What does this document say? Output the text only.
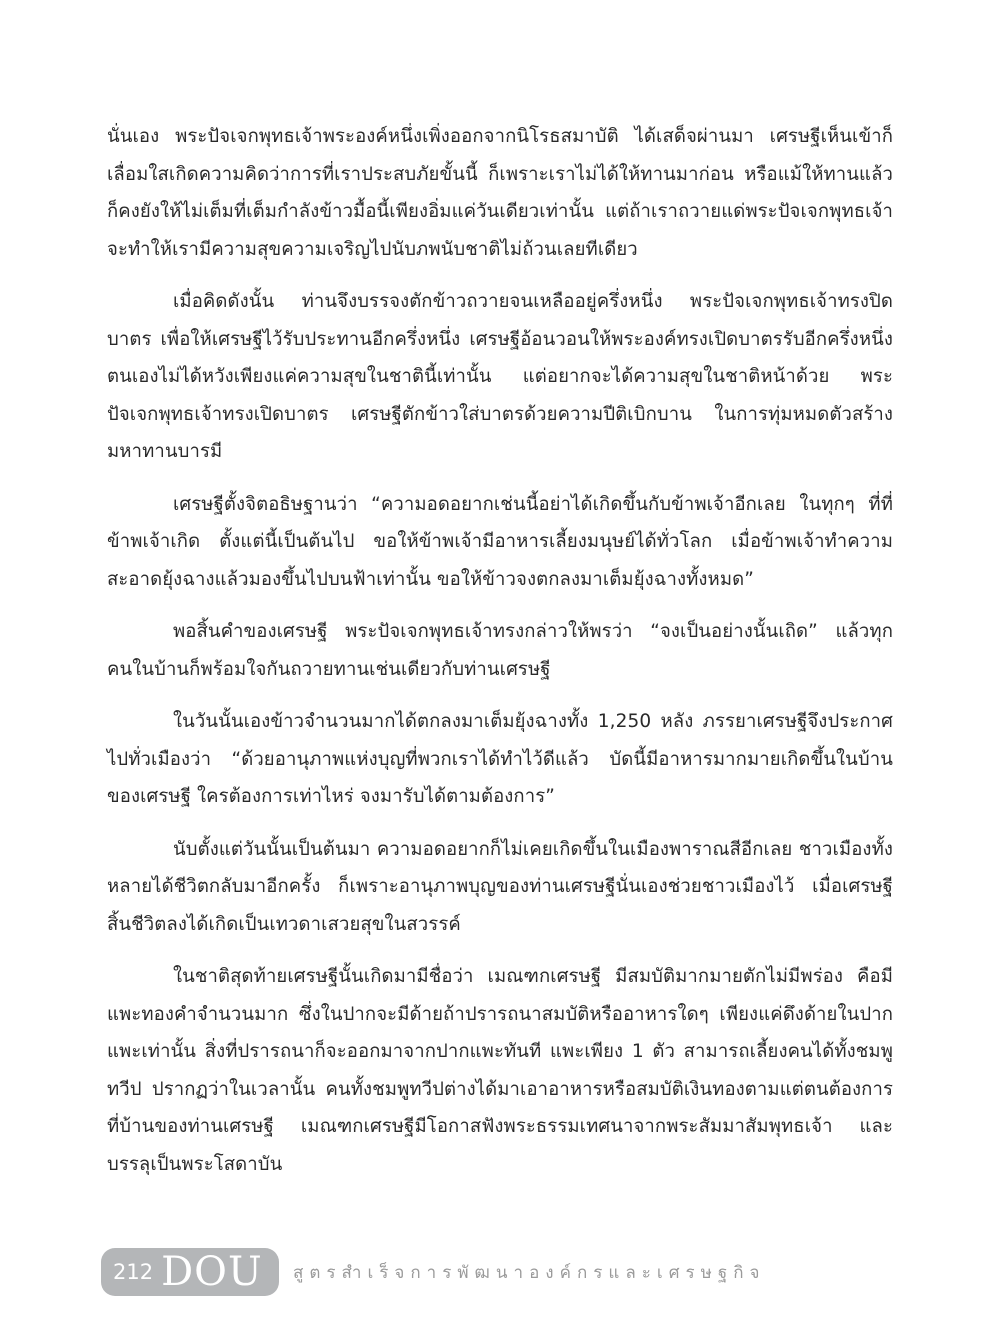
นั่นเอง พระปัจเจกพุทธเจ้าพระองค์หนึ่งเพิ่งออกจากนิโรธสมาบัติ ได้เสด็จผ่านมา เศรษฐีเห็นเข้าก็เลื่อมใสเกิดความคิดว่าการที่เราประสบภัยขั้นนี้ ก็เพราะเราไม่ได้ให้ทานมาก่อน หรือแม้ให้ทานแล้วก็คงยังให้ไม่เต็มที่เต็มกำลังข้าวมื้อนี้เพียงอิ่มแค่วันเดียวเท่านั้น แต่ถ้าเราถวายแด่พระปัจเจกพุทธเจ้า จะทำให้เรามีความสุขความเจริญไปนับภพนับชาติไม่ถ้วนเลยทีเดียว

เมื่อคิดดังนั้น ท่านจึงบรรจงตักข้าวถวายจนเหลืออยู่ครึ่งหนึ่ง พระปัจเจกพุทธเจ้าทรงปิดบาตร เพื่อให้เศรษฐีไว้รับประทานอีกครึ่งหนึ่ง เศรษฐีอ้อนวอนให้พระองค์ทรงเปิดบาตรรับอีกครึ่งหนึ่ง ตนเองไม่ได้หวังเพียงแค่ความสุขในชาตินี้เท่านั้น แต่อยากจะได้ความสุขในชาติหน้าด้วย พระปัจเจกพุทธเจ้าทรงเปิดบาตร เศรษฐีตักข้าวใส่บาตรด้วยความปีติเบิกบาน ในการทุ่มหมดตัวสร้างมหาทานบารมี

เศรษฐีตั้งจิตอธิษฐานว่า “ความอดอยากเช่นนี้อย่าได้เกิดขึ้นกับข้าพเจ้าอีกเลย ในทุกๆ ที่ที่ข้าพเจ้าเกิด ตั้งแต่นี้เป็นต้นไป ขอให้ข้าพเจ้ามีอาหารเลี้ยงมนุษย์ได้ทั่วโลก เมื่อข้าพเจ้าทำความสะอาดยุ้งฉางแล้วมองขึ้นไปบนฟ้าเท่านั้น ขอให้ข้าวจงตกลงมาเต็มยุ้งฉางทั้งหมด”

พอสิ้นคำของเศรษฐี พระปัจเจกพุทธเจ้าทรงกล่าวให้พรว่า “จงเป็นอย่างนั้นเถิด” แล้วทุกคนในบ้านก็พร้อมใจกันถวายทานเช่นเดียวกับท่านเศรษฐี

ในวันนั้นเองข้าวจำนวนมากได้ตกลงมาเต็มยุ้งฉางทั้ง 1,250 หลัง ภรรยาเศรษฐีจึงประกาศไปทั่วเมืองว่า “ด้วยอานุภาพแห่งบุญที่พวกเราได้ทำไว้ดีแล้ว บัดนี้มีอาหารมากมายเกิดขึ้นในบ้านของเศรษฐี ใครต้องการเท่าไหร่ จงมารับได้ตามต้องการ”

นับตั้งแต่วันนั้นเป็นต้นมา ความอดอยากก็ไม่เคยเกิดขึ้นในเมืองพาราณสีอีกเลย ชาวเมืองทั้งหลายได้ชีวิตกลับมาอีกครั้ง ก็เพราะอานุภาพบุญของท่านเศรษฐีนั่นเองช่วยชาวเมืองไว้ เมื่อเศรษฐีสิ้นชีวิตลงได้เกิดเป็นเทวดาเสวยสุขในสวรรค์

ในชาติสุดท้ายเศรษฐีนั้นเกิดมามีชื่อว่า เมณฑกเศรษฐี มีสมบัติมากมายตักไม่มีพร่อง คือมีแพะทองคำจำนวนมาก ซึ่งในปากจะมีด้ายถ้าปรารถนาสมบัติหรืออาหารใดๆ เพียงแค่ดึงด้ายในปากแพะเท่านั้น สิ่งที่ปรารถนาก็จะออกมาจากปากแพะทันที แพะเพียง 1 ตัว สามารถเลี้ยงคนได้ทั้งชมพูทวีป ปรากฏว่าในเวลานั้น คนทั้งชมพูทวีปต่างได้มาเอาอาหารหรือสมบัติเงินทองตามแต่ตนต้องการที่บ้านของท่านเศรษฐี เมณฑกเศรษฐีมีโอกาสฟังพระธรรมเทศนาจากพระสัมมาสัมพุทธเจ้า และบรรลุเป็นพระโสดาบัน

212 DOU สูตรสำเร็จการพัฒนาองค์กรและเศรษฐกิจ
